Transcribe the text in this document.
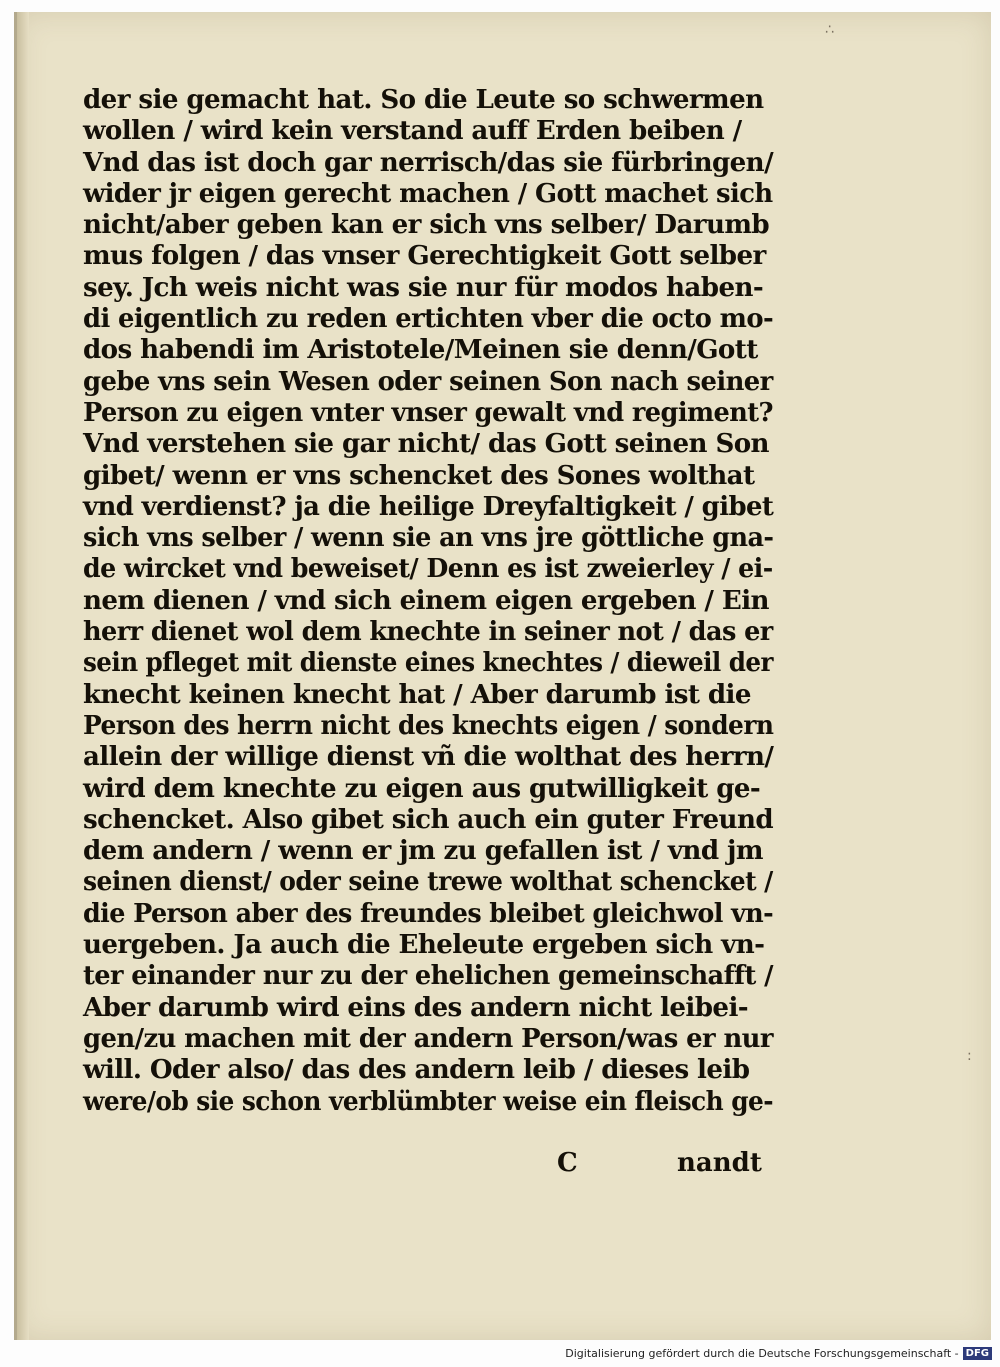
∴
:
der sie gemacht hat. So die Leute so schwermen
wollen / wird kein verstand auff Erden beiben /
Vnd das ist doch gar nerrisch/das sie fürbringen/
wider jr eigen gerecht machen / Gott machet sich
nicht/aber geben kan er sich vns selber/ Darumb
mus folgen / das vnser Gerechtigkeit Gott selber
sey. Jch weis nicht was sie nur für modos haben-
di eigentlich zu reden ertichten vber die octo mo-
dos habendi im Aristotele/Meinen sie denn/Gott
gebe vns sein Wesen oder seinen Son nach seiner
Person zu eigen vnter vnser gewalt vnd regiment?
Vnd verstehen sie gar nicht/ das Gott seinen Son
gibet/ wenn er vns schencket des Sones wolthat
vnd verdienst? ja die heilige Dreyfaltigkeit / gibet
sich vns selber / wenn sie an vns jre göttliche gna-
de wircket vnd beweiset/ Denn es ist zweierley / ei-
nem dienen / vnd sich einem eigen ergeben / Ein
herr dienet wol dem knechte in seiner not / das er
sein pfleget mit dienste eines knechtes / dieweil der
knecht keinen knecht hat / Aber darumb ist die
Person des herrn nicht des knechts eigen / sondern
allein der willige dienst vñ die wolthat des herrn/
wird dem knechte zu eigen aus gutwilligkeit ge-
schencket. Also gibet sich auch ein guter Freund
dem andern / wenn er jm zu gefallen ist / vnd jm
seinen dienst/ oder seine trewe wolthat schencket /
die Person aber des freundes bleibet gleichwol vn-
uergeben. Ja auch die Eheleute ergeben sich vn-
ter einander nur zu der ehelichen gemeinschafft /
Aber darumb wird eins des andern nicht leibei-
gen/zu machen mit der andern Person/was er nur
will. Oder also/ das des andern leib / dieses leib
were/ob sie schon verblümbter weise ein fleisch ge-
C	nandt
Digitalisierung gefördert durch die Deutsche Forschungsgemeinschaft - DFG
